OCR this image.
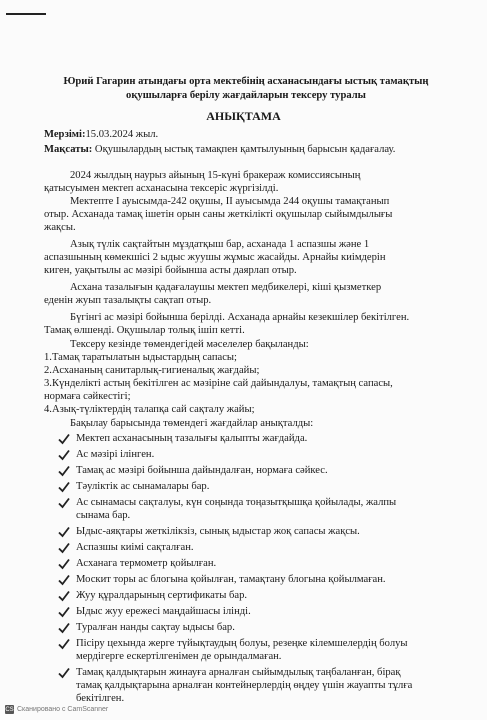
Юрий Гагарин атындағы орта мектебінің асханасындағы ыстық тамақтың
оқушыларға берілу жағдайларын тексеру туралы
АНЫҚТАМА
Мерзімі:15.03.2024 жыл.
Мақсаты: Оқушылардың ыстық тамақпен қамтылуының барысын қадағалау.
2024 жылдың наурыз айының 15-күні бракераж комиссиясының
қатысуымен мектеп асханасына тексеріс жүргізілді.
Мектепте I ауысымда-242 оқушы, II ауысымда 244 оқушы тамақтанып
отыр. Асханада тамақ ішетін орын саны жеткілікті оқушылар сыйымдылығы
жақсы.
Азық түлік сақтайтын мұздатқыш бар, асханада 1 аспазшы және 1
аспазшының көмекшісі 2 ыдыс жуушы жұмыс жасайды. Арнайы киімдерін
киген, уақытылы ас мәзірі бойынша асты даярлап отыр.
Асхана тазалығын қадағалаушы мектеп медбикелері, кіші қызметкер
еденін жуып тазалықты сақтап отыр.
Бүгінгі ас мәзірі бойынша берілді. Асханада арнайы кезекшілер бекітілген.
Тамақ өлшенді. Оқушылар толық ішіп кетті.
Тексеру кезінде төмендегідей мәселелер бақыланды:
1.Тамақ таратылатын ыдыстардың сапасы;
2.Асхананың санитарлық-гигиеналық жағдайы;
3.Күнделікті астың бекітілген ас мәзіріне сай дайындалуы, тамақтың сапасы,
нормаға сәйкестігі;
4.Азық-түліктердің талапқа сай сақталу жайы;
Бақылау барысында төмендегі жағдайлар анықталды:
Мектеп асханасының тазалығы қалыпты жағдайда.
Ас мәзірі ілінген.
Тамақ ас мәзірі бойынша дайындалған, нормаға сәйкес.
Тәуліктік ас сынамалары бар.
Ас сынамасы сақталуы, күн соңында тоңазытқышқа қойылады, жалпы
сынама бар.
Ыдыс-аяқтары жеткілікзіз, сынық ыдыстар жоқ сапасы жақсы.
Аспазшы киімі сақталған.
Асханага термометр қойылған.
Москит торы ас блогына қойылған, тамақтану блогына қойылмаған.
Жуу құралдарының сертификаты бар.
Ыдыс жуу ережесі маңдайшасы ілінді.
Туралған нанды сақтау ыдысы бар.
Пісіру цехында жерге түйықтаудың болуы, резеңке кілемшелердің болуы
мердігерге ескертілгенімен де орындалмаған.
Тамақ қалдықтарын жинауға арналған сыйымдылық таңбаланған, бірақ
тамақ қалдықтарына арналған контейнерлердің өңдеу үшін жауапты тұлға
бекітілген.
CS Сканировано с CamScanner
